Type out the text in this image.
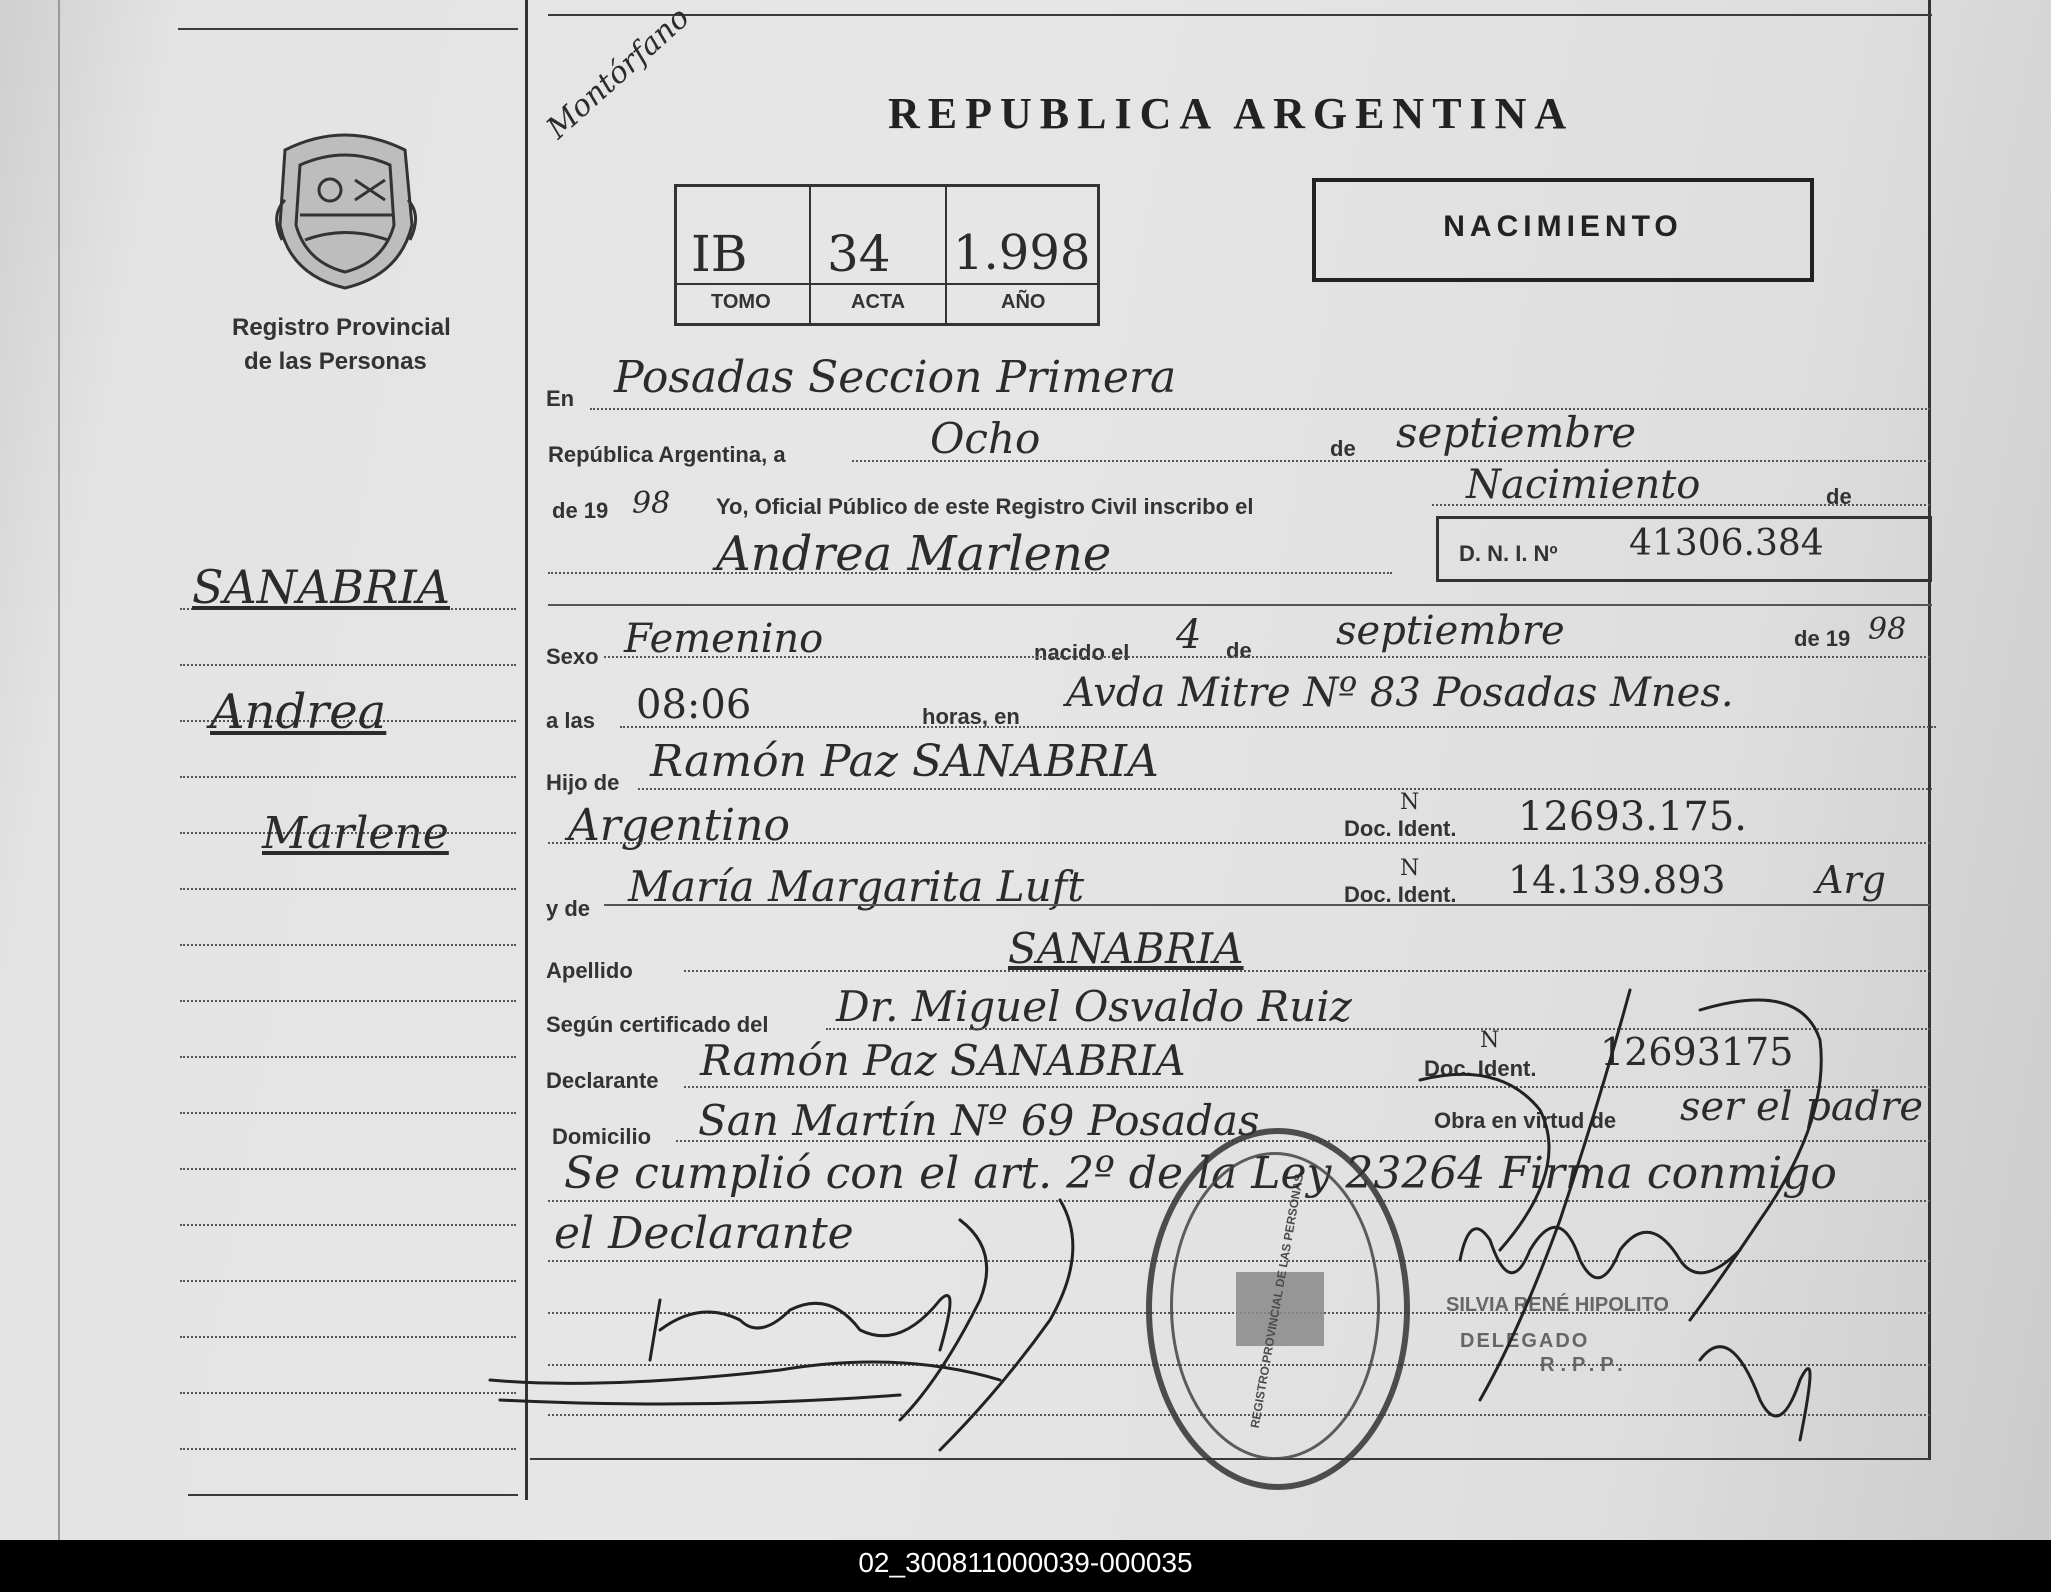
Registro Provincial
de las Personas
SANABRIA
Andrea
Marlene
Montórfano	REPUBLICA ARGENTINA
NACIMIENTO
IB 34 1.998
TOMO	ACTA	AÑO
En Posadas Seccion Primera
República Argentina, a	Ocho	de septiembre
de 19 98 Yo, Oficial Público de este Registro Civil inscribo el	Nacimiento	de
Andrea Marlene	D. N. I. Nº 41306.384
Sexo Femenino	nacido el 4 de septiembre	de 19 98
a las 08:06	horas, en
Avda Mitre Nº 83 Posadas Mnes.
Hijo de Ramón Paz SANABRIA
Argentino	Doc. Ident.
N 12693.175.
y de María Margarita Luft	Doc. Ident.
N 14.139.893 Arg
Apellido	SANABRIA
Según certificado del Dr. Miguel Osvaldo Ruiz
Declarante Ramón Paz SANABRIA	Doc. Ident.
N	12693175
Domicilio San Martín Nº 69 Posadas	Obra en virtud de ser el padre
Se cumplió con el art. 2º de la Ley 23264 Firma conmigo
el Declarante	REGISTRO PROVINCIAL DE LAS PERSONAS	SILVIA RENÉ HIPOLITO
DELEGADO
R.P.P.
02_300811000039-000035
